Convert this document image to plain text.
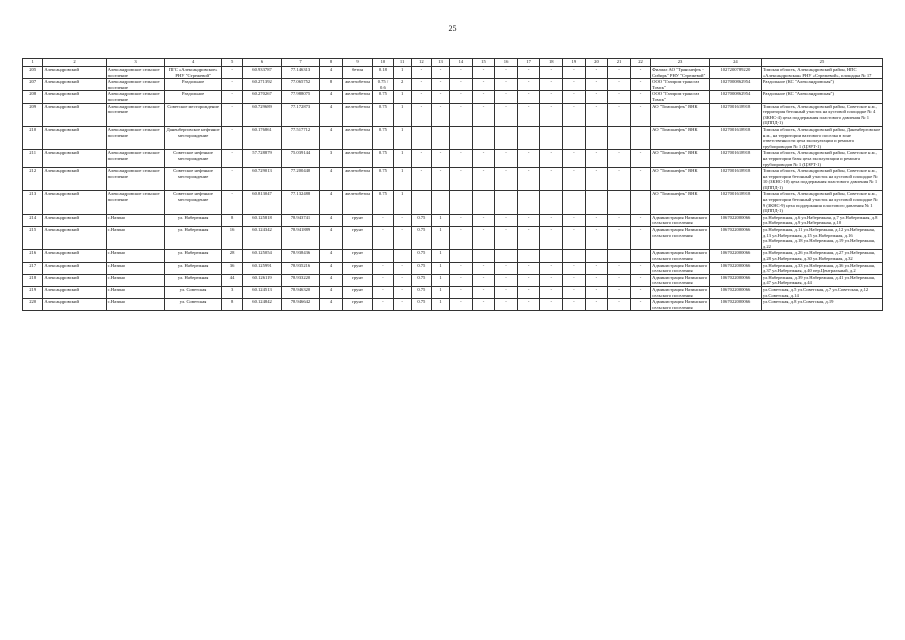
25
1	2	3	4	5	6	7	8	9	10	11	12	13	14	15	16	17	18	19	20	21	22	23	24	25
205	Александровский	Александровское сельское поселение	ПГС «Александровское» РНУ "Стрежевой"	-	60.933787	77.146313	4	бетон	0.18	1	-	-	-	-	-	-	-	-	-	-	-	Филиал АО "Транснефть - Сибирь" РНУ "Стрежевой"	1027200789220	Томская область, Александровский район, НПС «Александровская» РНУ «Стрежевой», площадка № 17
207	Александровский	Александровское сельское поселение	Раздольное	-	60.271392	77.065752	8	железобетон	0.75 / 0.6	2	-	-	-	-	-	-	-	-	-	-	-	ООО "Газпром трансгаз Томск"	1027000862954	Раздольное (КС "Александровская")
208	Александровский	Александровское сельское поселение	Раздольное	-	60.270267	77.988075	4	железобетон	0.75	1	-	-	-	-	-	-	-	-	-	-	-	ООО "Газпром трансгаз Томск"	1027000862954	Раздольное (КС "Александровская")
209	Александровский	Александровское сельское поселение	Советское месторождение	-	60.729689	77.172873	4	железобетон	0.75	1	-	-	-	-	-	-	-	-	-	-	-	АО "Томскнефть" ВНК	1027001618918	Томская область, Александровский район, Советское н.м., территория бетонный участок на кустовой площадке № 4 (ЗКНС-4) цеха поддержания пластового давления № 1 (ЦППД-1)
210	Александровский	Александровское сельское поселение	Даненберговское нефтяное месторождение	-	60.176861	77.517712	4	железобетон	0.75	1												АО "Томскнефть" ВНК	1027001618918	Томская область, Александровский район, Даненберговское н.м., на территории вахтового поселка в зоне ответственности цеха эксплуатации и ремонта трубопроводов № 1 (ЦЭРТ-1)
211	Александровский	Александровское сельское поселение	Советское нефтяное месторождение	-	57.728879	75.039144	3	железобетон	0.75	1	-	-	-	-	-	-	-	-	-	-	-	АО "Томскнефть" ВНК	1027001618918	Томская область, Александровский район, Советское н.м., на территории базы цеха эксплуатации и ремонта трубопроводов № 1 (ЦЭРТ-1)
212	Александровский	Александровское сельское поселение	Советское нефтяное месторождение	-	60.729013	77.200440	4	железобетон	0.75	1	-	-	-	-	-	-	-	-	-	-	-	АО "Томскнефть" ВНК	1027001618918	Томская область, Александровский район, Советское н.м., на территории бетонный участок на кустовой площадке № 10 (ЗКНС-10) цеха поддержания пластового давления № 1 (ЦППД-1)
213	Александровский	Александровское сельское поселение	Советское нефтяное месторождение	-	60.813047	77.132488	4	железобетон	0.75	1												АО "Томскнефть" ВНК	1027001618918	Томская область, Александровский район, Советское н.м., на территории бетонный участок на кустовой площадке № 9 (ЗКНС-9) цеха поддержания пластового давления № 1 (ЦППД-1)
214	Александровский	с.Назино	ул. Набережная	8	60.125818	78.943741	4	грунт	-	-	0.75	1	-	-	-	-	-	-	-	-	-	Администрация Назинского сельского поселения	1067022000066	ул.Набережная, д.6 ул.Набережная, д.7 ул.Набережная, д.8 ул.Набережная, д.9 ул.Набережная, д.10
215	Александровский	с.Назино	ул. Набережная	16	60.124342	78.941889	4	грунт	-	-	0.75	1	-	-	-	-	-	-	-	-	-	Администрация Назинского сельского поселения	1067022000066	ул.Набережная, д.11 ул.Набережная, д.12 ул.Набережная, д.13 ул.Набережная, д.15 ул.Набережная, д.16 ул.Набережная, д.18 ул.Набережная, д.19 ул.Набережная, д.22
216	Александровский	с.Назино	ул. Набережная	28	60.125054	78.938436	4	грунт			0.75	1										Администрация Назинского сельского поселения	1067022000066	ул.Набережная, д.26 ул.Набережная, д.27 ул.Набережная, д.28 ул.Набережная, д.30 ул.Набережная, д.32
217	Александровский	с.Назино	ул. Набережная	36	60.125991	78.935216	4	грунт	-	-	0.75	1	-	-	-	-	-	-	-	-	-	Администрация Назинского сельского поселения	1067022000066	ул.Набережная, д.33 ул.Набережная, д.36 ул.Набережная, д.37 ул.Набережная, д.40 пер.Центральный, д.2
218	Александровский	с.Назино	ул. Набережная	44	60.126119	78.933220	4	грунт	-	-	0.75	1	-	-	-	-	-	-	-	-	-	Администрация Назинского сельского поселения	1067022000066	ул.Набережная, д.39 ул.Набережная, д.41 ул.Набережная, д.47 ул.Набережная, д.44
219	Александровский	с.Назино	ул. Советская	3	60.124513	78.946320	4	грунт	-	-	0.75	1	-	-	-	-	-	-	-	-	-	Администрация Назинского сельского поселения	1067022000066	ул.Советская, д.5 ул.Советская, д.7 ул.Советская, д.12 ул.Советская, д.14
220	Александровский	с.Назино	ул. Советская	8	60.124842	78.946642	4	грунт	-	-	0.75	1	-	-	-	-	-	-	-	-	-	Администрация Назинского сельского поселения	1067022000066	ул.Советская, д.8 ул.Советская, д.19
